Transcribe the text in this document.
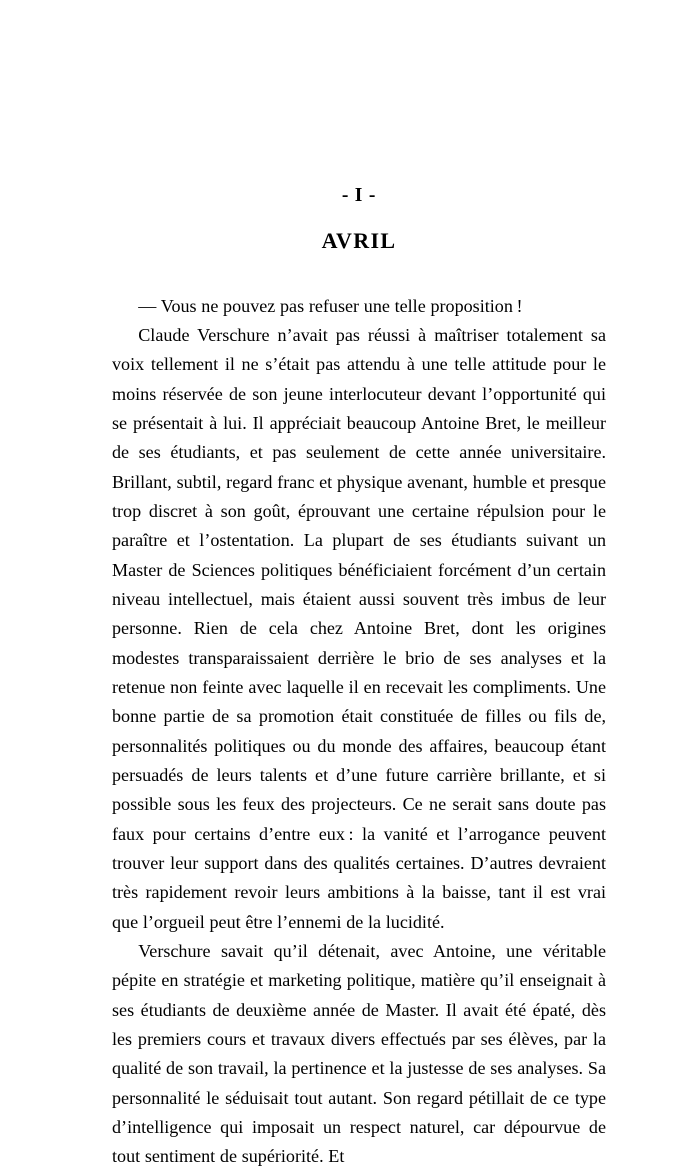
- I -
AVRIL

— Vous ne pouvez pas refuser une telle proposition !

Claude Verschure n’avait pas réussi à maîtriser totalement sa voix tellement il ne s’était pas attendu à une telle attitude pour le moins réservée de son jeune interlocuteur devant l’opportunité qui se présentait à lui. Il appréciait beaucoup Antoine Bret, le meilleur de ses étudiants, et pas seulement de cette année universitaire. Brillant, subtil, regard franc et physique avenant, humble et presque trop discret à son goût, éprouvant une certaine répulsion pour le paraître et l’ostentation. La plupart de ses étudiants suivant un Master de Sciences politiques bénéficiaient forcément d’un certain niveau intellectuel, mais étaient aussi souvent très imbus de leur personne. Rien de cela chez Antoine Bret, dont les origines modestes transparaissaient derrière le brio de ses analyses et la retenue non feinte avec laquelle il en recevait les compliments. Une bonne partie de sa promotion était constituée de filles ou fils de, personnalités politiques ou du monde des affaires, beaucoup étant persuadés de leurs talents et d’une future carrière brillante, et si possible sous les feux des projecteurs. Ce ne serait sans doute pas faux pour certains d’entre eux : la vanité et l’arrogance peuvent trouver leur support dans des qualités certaines. D’autres devraient très rapidement revoir leurs ambitions à la baisse, tant il est vrai que l’orgueil peut être l’ennemi de la lucidité.

Verschure savait qu’il détenait, avec Antoine, une véritable pépite en stratégie et marketing politique, matière qu’il enseignait à ses étudiants de deuxième année de Master. Il avait été épaté, dès les premiers cours et travaux divers effectués par ses élèves, par la qualité de son travail, la pertinence et la justesse de ses analyses. Sa personnalité le séduisait tout autant. Son regard pétillait de ce type d’intelligence qui imposait un respect naturel, car dépourvue de tout sentiment de supériorité. Et
